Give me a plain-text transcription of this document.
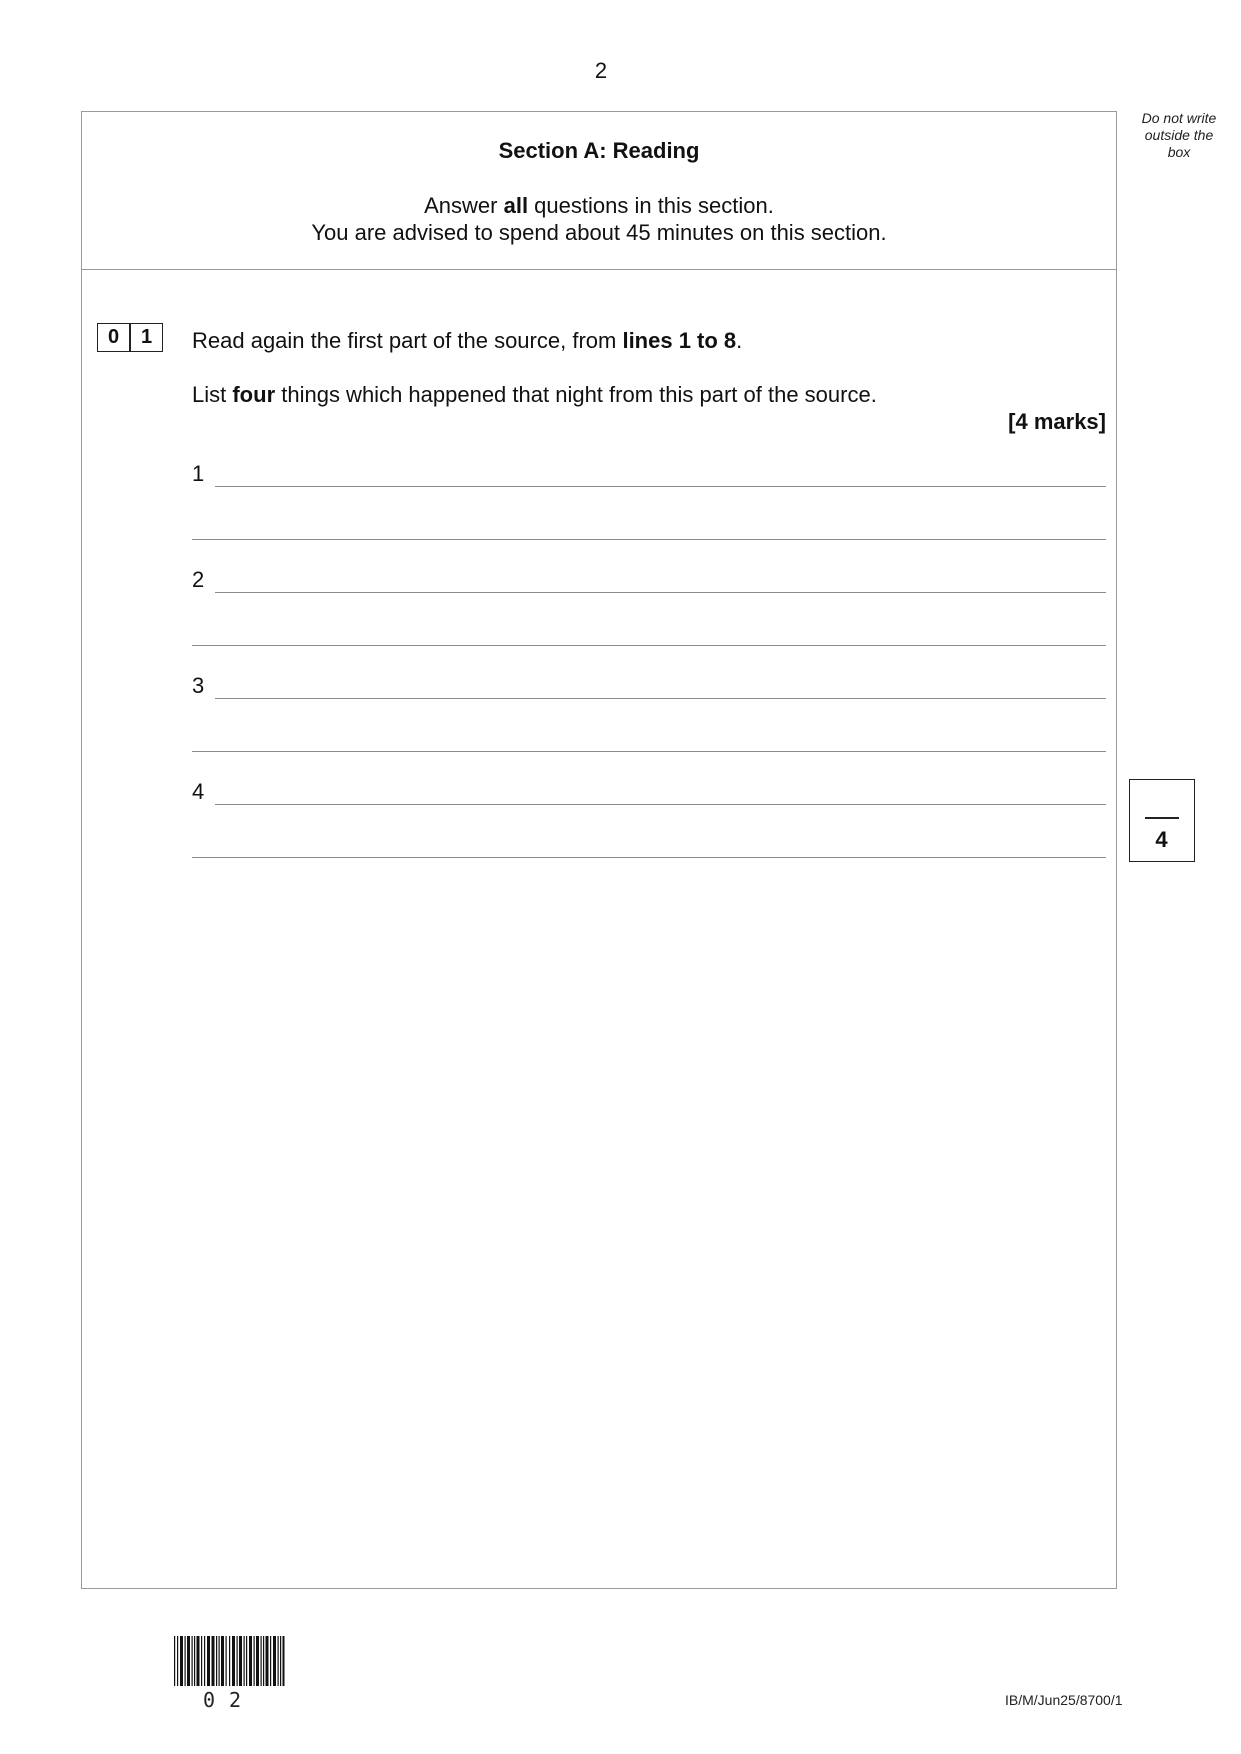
2
Do not write
outside the
box
Section A: Reading
Answer all questions in this section.
You are advised to spend about 45 minutes on this section.
0	1	Read again the first part of the source, from lines 1 to 8.
List four things which happened that night from this part of the source.
[4 marks]
1
2
3
4
4
02	IB/M/Jun25/8700/1
